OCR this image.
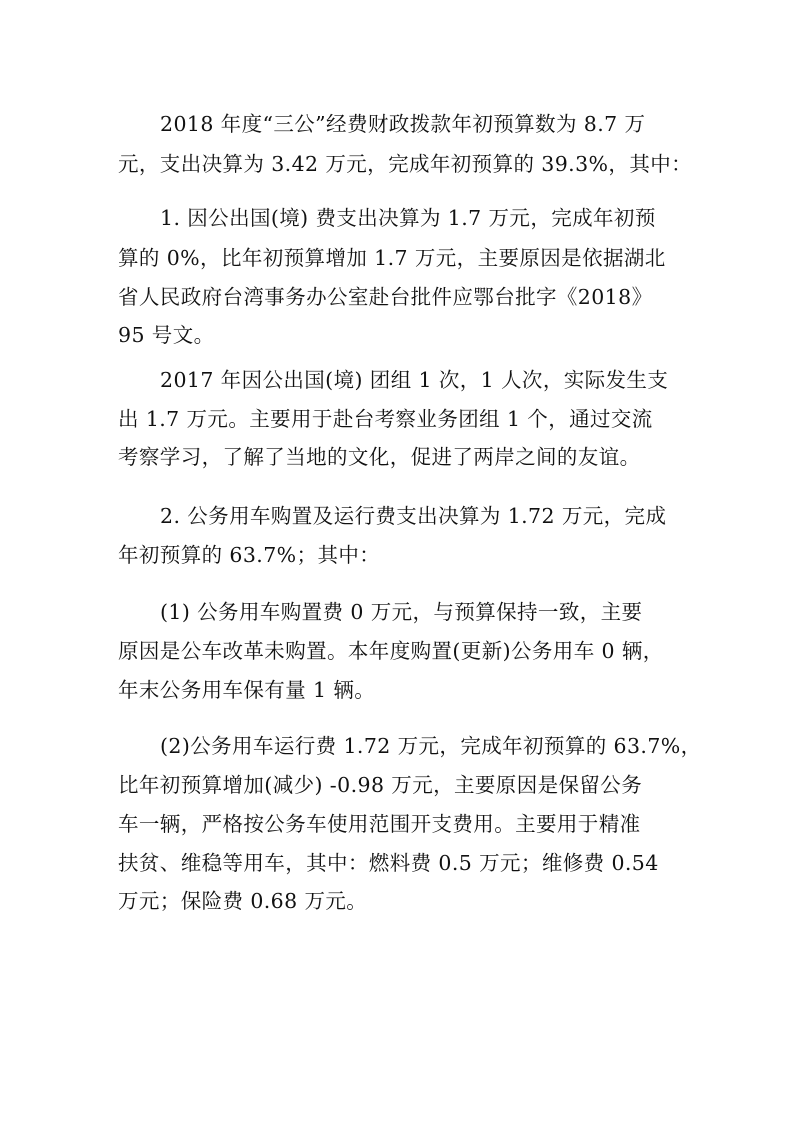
2018 年度“三公”经费财政拨款年初预算数为 8.7 万
元，支出决算为 3.42 万元，完成年初预算的 39.3%，其中：
1. 因公出国(境) 费支出决算为 1.7 万元，完成年初预
算的 0%，比年初预算增加 1.7 万元，主要原因是依据湖北
省人民政府台湾事务办公室赴台批件应鄂台批字《2018》
95 号文。
2017 年因公出国(境) 团组 1 次，1 人次，实际发生支
出 1.7 万元。主要用于赴台考察业务团组 1 个，通过交流
考察学习，了解了当地的文化，促进了两岸之间的友谊。
2. 公务用车购置及运行费支出决算为 1.72 万元，完成
年初预算的 63.7%；其中：
(1) 公务用车购置费 0 万元，与预算保持一致，主要
原因是公车改革未购置。本年度购置(更新)公务用车 0 辆，
年末公务用车保有量 1 辆。
(2)公务用车运行费 1.72 万元，完成年初预算的 63.7%，
比年初预算增加(减少) -0.98 万元，主要原因是保留公务
车一辆，严格按公务车使用范围开支费用。主要用于精准
扶贫、维稳等用车，其中：燃料费 0.5 万元；维修费 0.54
万元；保险费 0.68 万元。
